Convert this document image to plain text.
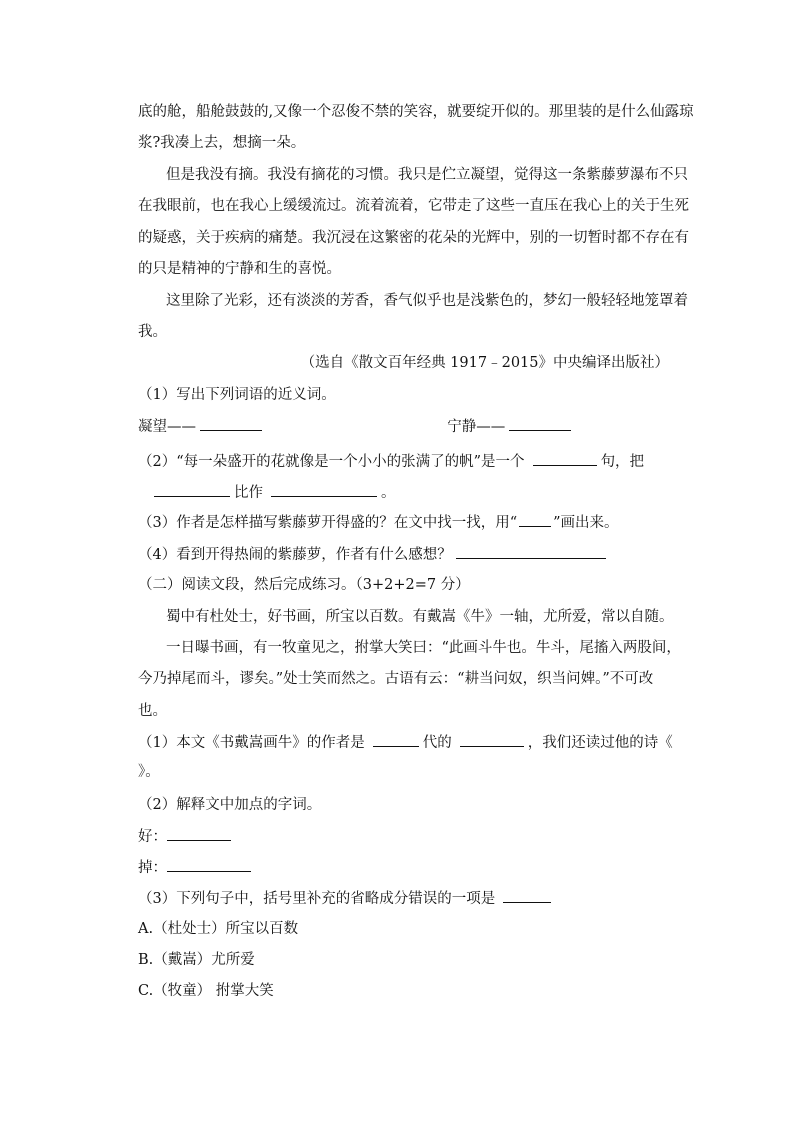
底的舱，船舱鼓鼓的,又像一个忍俊不禁的笑容，就要绽开似的。那里装的是什么仙露琼
浆?我凑上去，想摘一朵。
但是我没有摘。我没有摘花的习惯。我只是伫立凝望，觉得这一条紫藤萝瀑布不只
在我眼前，也在我心上缓缓流过。流着流着，它带走了这些一直压在我心上的关于生死
的疑惑，关于疾病的痛楚。我沉浸在这繁密的花朵的光辉中，别的一切暂时都不存在有
的只是精神的宁静和生的喜悦。
这里除了光彩，还有淡淡的芳香，香气似乎也是浅紫色的，梦幻一般轻轻地笼罩着
我。
（选自《散文百年经典 1917﹣2015》中央编译出版社）
（1）写出下列词语的近义词。
凝望——	宁静——
（2）“每一朵盛开的花就像是一个小小的张满了的帆”是一个	句，把
比作	。
（3）作者是怎样描写紫藤萝开得盛的？在文中找一找，用“ ”画出来。
（4）看到开得热闹的紫藤萝，作者有什么感想？
（二）阅读文段，然后完成练习。（3+2+2=7 分）
蜀中有杜处士，好书画，所宝以百数。有戴嵩《牛》一轴，尤所爱，常以自随。
一日曝书画，有一牧童见之，拊掌大笑曰：“此画斗牛也。牛斗，尾搐入两股间，
今乃掉尾而斗，谬矣。”处士笑而然之。古语有云：“耕当问奴，织当问婢。”不可改
也。
（1）本文《书戴嵩画牛》的作者是	代的	，我们还读过他的诗《
》。
（2）解释文中加点的字词。
好：
掉：
（3）下列句子中，括号里补充的省略成分错误的一项是
A.（杜处士）所宝以百数
B.（戴嵩）尤所爱
C.（牧童） 拊掌大笑
